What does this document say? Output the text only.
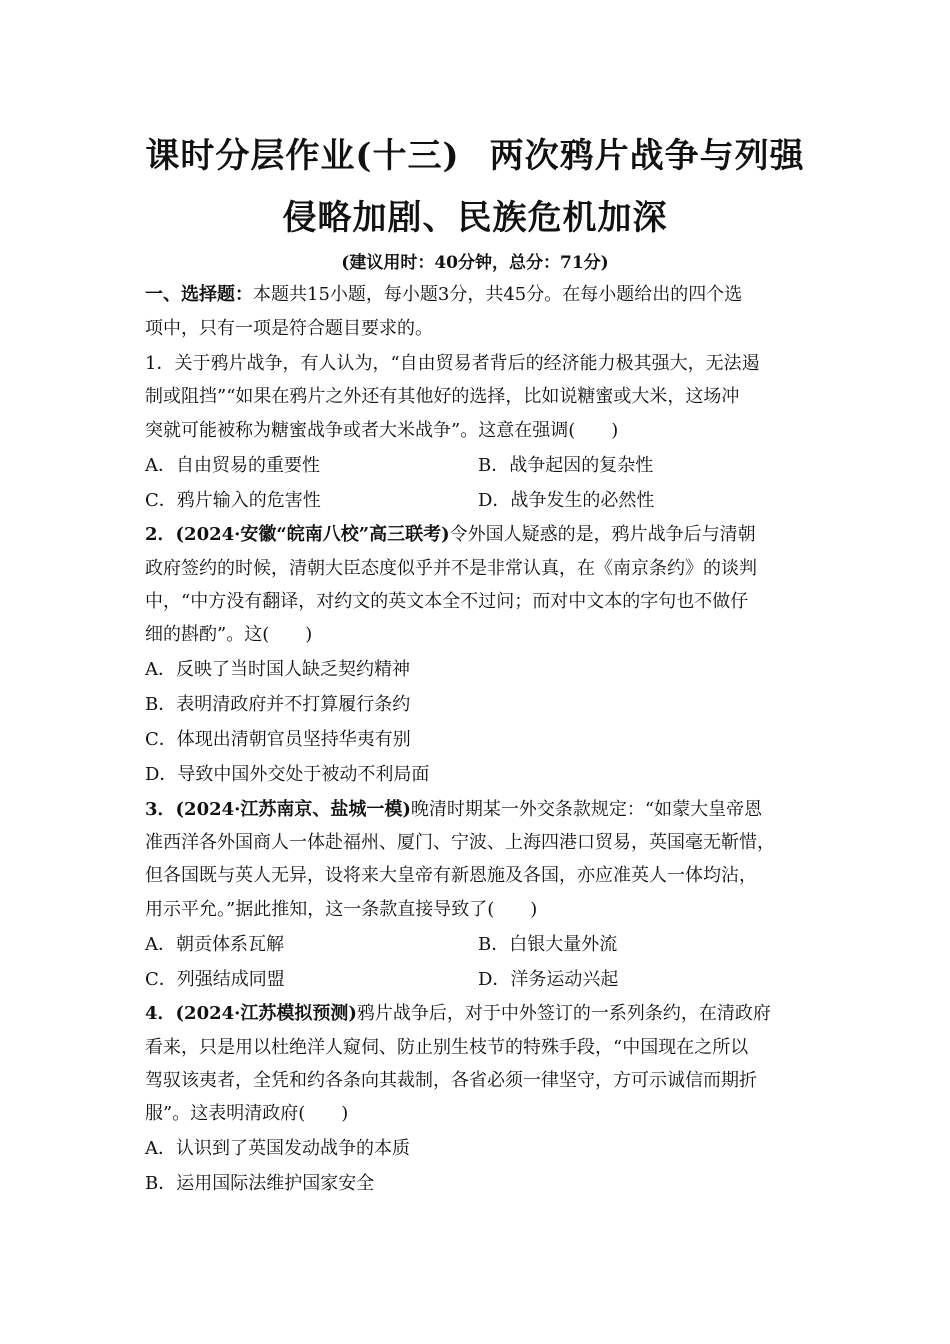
课时分层作业(十三) 两次鸦片战争与列强
侵略加剧、民族危机加深
(建议用时：40分钟，总分：71分)
一、选择题：本题共15小题，每小题3分，共45分。在每小题给出的四个选
项中，只有一项是符合题目要求的。
1．关于鸦片战争，有人认为，“自由贸易者背后的经济能力极其强大，无法遏
制或阻挡”“如果在鸦片之外还有其他好的选择，比如说糖蜜或大米，这场冲
突就可能被称为糖蜜战争或者大米战争”。这意在强调(　　)
A．自由贸易的重要性	B．战争起因的复杂性
C．鸦片输入的危害性	D．战争发生的必然性
2．(2024·安徽“皖南八校”高三联考)令外国人疑惑的是，鸦片战争后与清朝
政府签约的时候，清朝大臣态度似乎并不是非常认真，在《南京条约》的谈判
中，“中方没有翻译，对约文的英文本全不过问；而对中文本的字句也不做仔
细的斟酌”。这(　　)
A．反映了当时国人缺乏契约精神
B．表明清政府并不打算履行条约
C．体现出清朝官员坚持华夷有别
D．导致中国外交处于被动不利局面
3．(2024·江苏南京、盐城一模)晚清时期某一外交条款规定：“如蒙大皇帝恩
准西洋各外国商人一体赴福州、厦门、宁波、上海四港口贸易，英国毫无靳惜，
但各国既与英人无异，设将来大皇帝有新恩施及各国，亦应准英人一体均沾，
用示平允。”据此推知，这一条款直接导致了(　　)
A．朝贡体系瓦解	B．白银大量外流
C．列强结成同盟	D．洋务运动兴起
4．(2024·江苏模拟预测)鸦片战争后，对于中外签订的一系列条约，在清政府
看来，只是用以杜绝洋人窥伺、防止别生枝节的特殊手段，“中国现在之所以
驾驭该夷者，全凭和约各条向其裁制，各省必须一律坚守，方可示诚信而期折
服”。这表明清政府(　　)
A．认识到了英国发动战争的本质
B．运用国际法维护国家安全
